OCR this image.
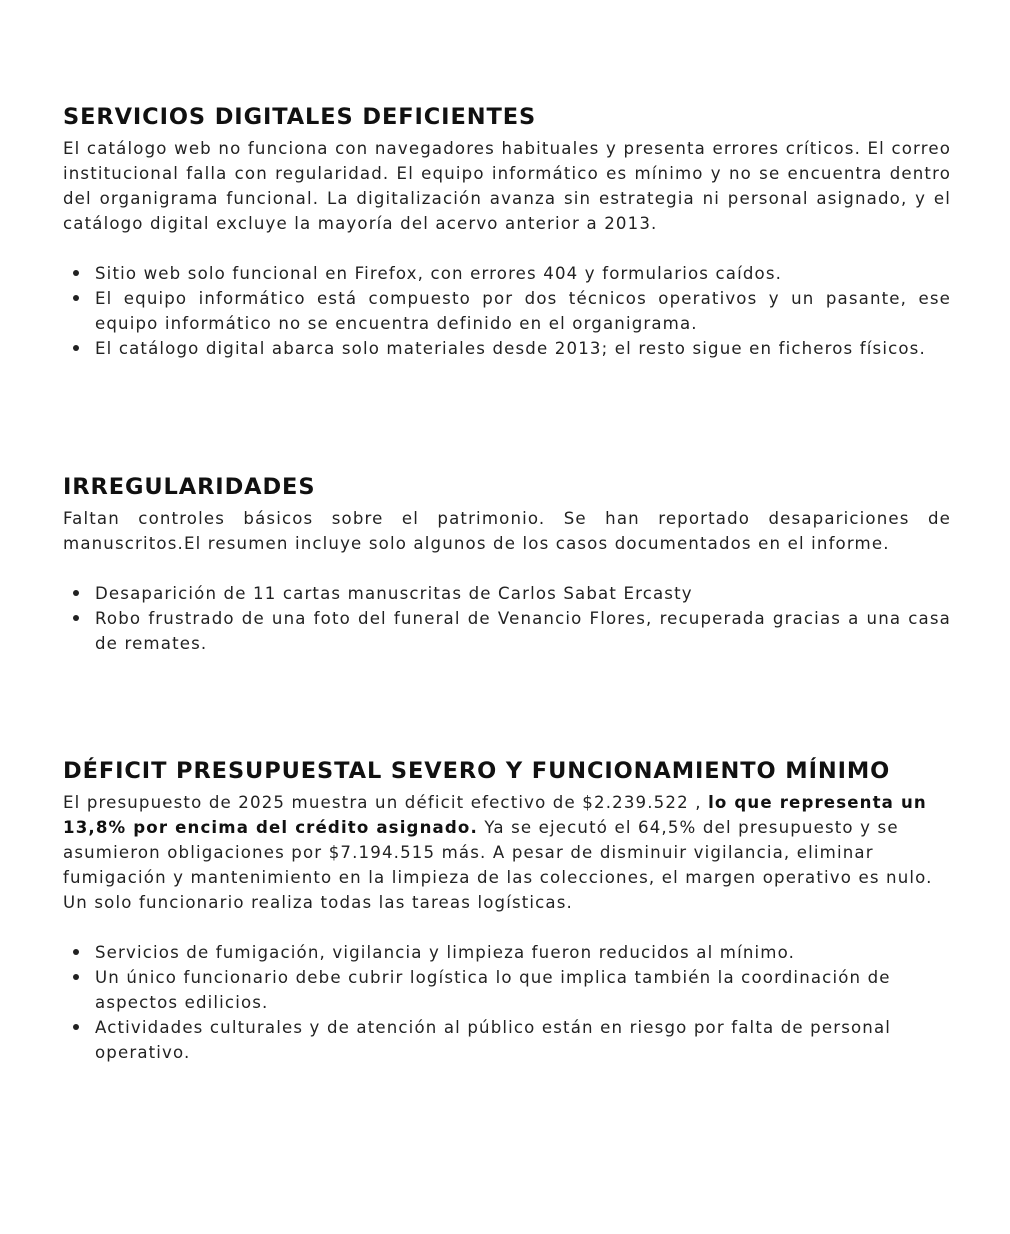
SERVICIOS DIGITALES DEFICIENTES

El catálogo web no funciona con navegadores habituales y presenta errores críticos. El correo institucional falla con regularidad. El equipo informático es mínimo y no se encuentra dentro del organigrama funcional. La digitalización avanza sin estrategia ni personal asignado, y el catálogo digital excluye la mayoría del acervo anterior a 2013.

Sitio web solo funcional en Firefox, con errores 404 y formularios caídos.
El equipo informático está compuesto por dos técnicos operativos y un pasante, ese equipo informático no se encuentra definido en el organigrama.
El catálogo digital abarca solo materiales desde 2013; el resto sigue en ficheros físicos.
IRREGULARIDADES

Faltan controles básicos sobre el patrimonio. Se han reportado desapariciones de manuscritos.El resumen incluye solo algunos de los casos documentados en el informe.

Desaparición de 11 cartas manuscritas de Carlos Sabat Ercasty
Robo frustrado de una foto del funeral de Venancio Flores, recuperada gracias a una casa de remates.
DÉFICIT PRESUPUESTAL SEVERO Y FUNCIONAMIENTO MÍNIMO

El presupuesto de 2025 muestra un déficit efectivo de $2.239.522 , lo que representa un 13,8% por encima del crédito asignado. Ya se ejecutó el 64,5% del presupuesto y se asumieron obligaciones por $7.194.515 más. A pesar de disminuir vigilancia, eliminar fumigación y mantenimiento en la limpieza de las colecciones, el margen operativo es nulo. Un solo funcionario realiza todas las tareas logísticas.

Servicios de fumigación, vigilancia y limpieza fueron reducidos al mínimo.
Un único funcionario debe cubrir logística lo que implica también la coordinación de aspectos edilicios.
Actividades culturales y de atención al público están en riesgo por falta de personal operativo.
